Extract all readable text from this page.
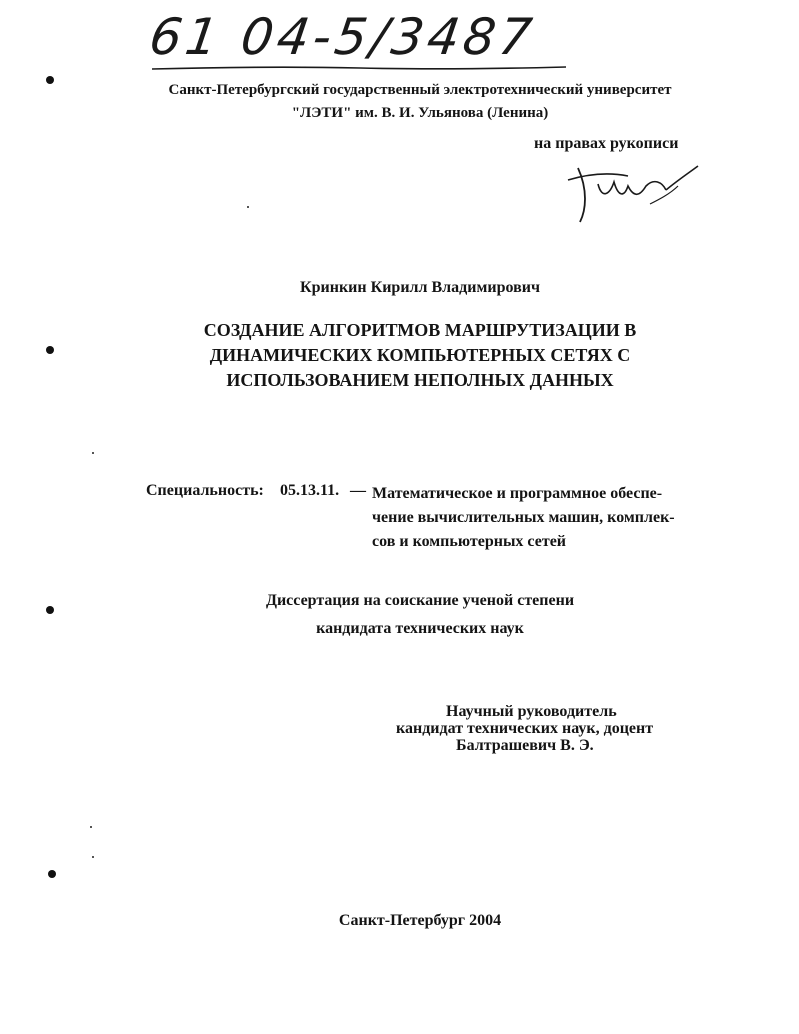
61 04-5/3487
Санкт-Петербургский государственный электротехнический университет
"ЛЭТИ" им. В. И. Ульянова (Ленина)
на правах рукописи
Кринкин Кирилл Владимирович
СОЗДАНИЕ АЛГОРИТМОВ МАРШРУТИЗАЦИИ В
ДИНАМИЧЕСКИХ КОМПЬЮТЕРНЫХ СЕТЯХ С
ИСПОЛЬЗОВАНИЕМ НЕПОЛНЫХ ДАННЫХ
Специальность: 05.13.11. — Математическое и программное обеспе-
чение вычислительных машин, комплек-
сов и компьютерных сетей
Диссертация на соискание ученой степени
кандидата технических наук
Научный руководитель
кандидат технических наук, доцент
Балтрашевич В. Э.
Санкт-Петербург 2004
